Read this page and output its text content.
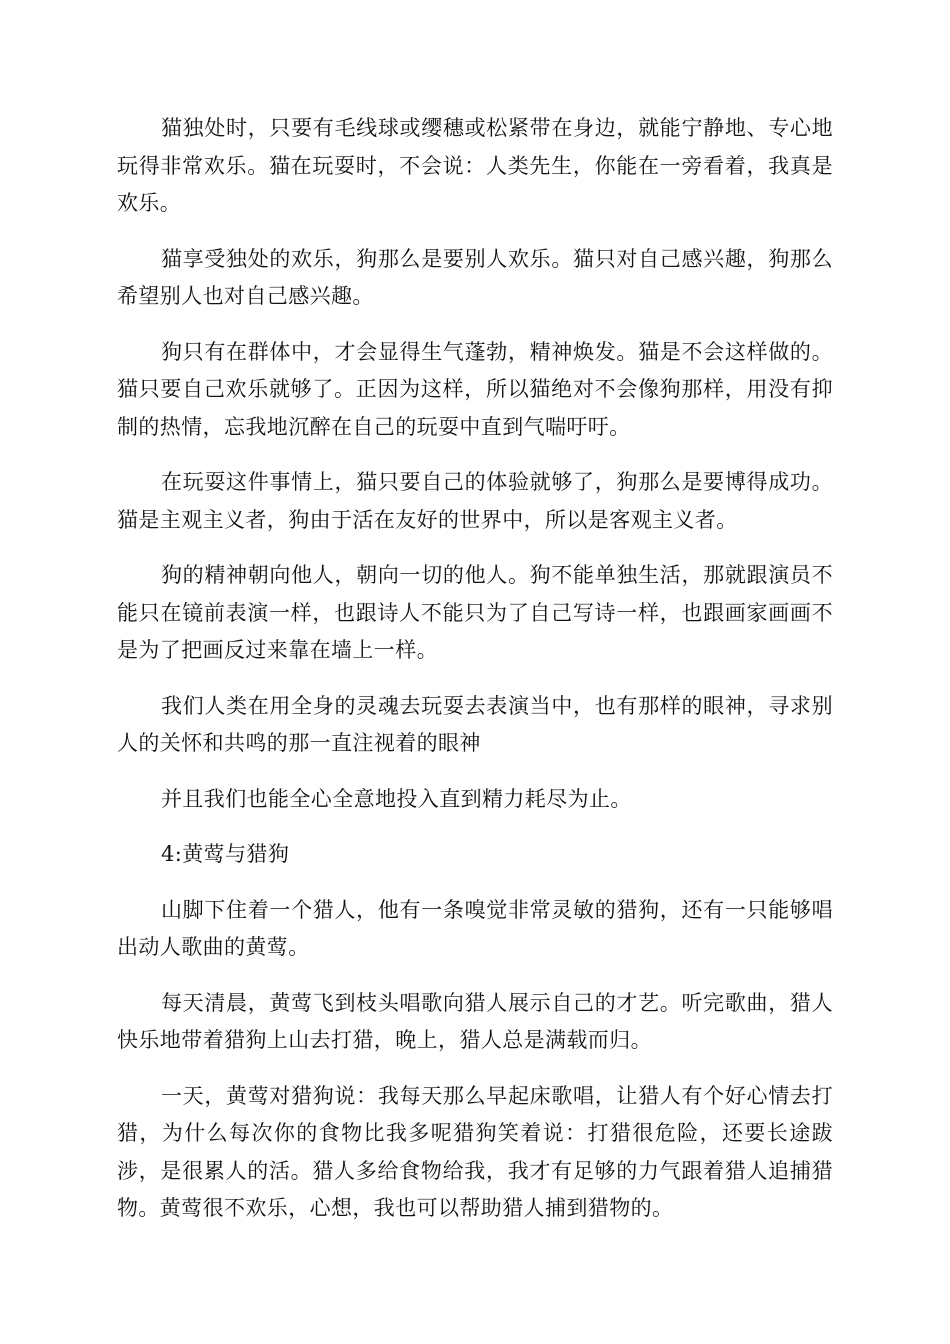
猫独处时，只要有毛线球或缨穗或松紧带在身边，就能宁静地、专心地玩得非常欢乐。猫在玩耍时，不会说：人类先生，你能在一旁看着，我真是欢乐。

猫享受独处的欢乐，狗那么是要别人欢乐。猫只对自己感兴趣，狗那么希望别人也对自己感兴趣。

狗只有在群体中，才会显得生气蓬勃，精神焕发。猫是不会这样做的。猫只要自己欢乐就够了。正因为这样，所以猫绝对不会像狗那样，用没有抑制的热情，忘我地沉醉在自己的玩耍中直到气喘吁吁。

在玩耍这件事情上，猫只要自己的体验就够了，狗那么是要博得成功。猫是主观主义者，狗由于活在友好的世界中，所以是客观主义者。

狗的精神朝向他人，朝向一切的他人。狗不能单独生活，那就跟演员不能只在镜前表演一样，也跟诗人不能只为了自己写诗一样，也跟画家画画不是为了把画反过来靠在墙上一样。

我们人类在用全身的灵魂去玩耍去表演当中，也有那样的眼神，寻求别人的关怀和共鸣的那一直注视着的眼神

并且我们也能全心全意地投入直到精力耗尽为止。

4:黄莺与猎狗

山脚下住着一个猎人，他有一条嗅觉非常灵敏的猎狗，还有一只能够唱出动人歌曲的黄莺。

每天清晨，黄莺飞到枝头唱歌向猎人展示自己的才艺。听完歌曲，猎人快乐地带着猎狗上山去打猎，晚上，猎人总是满载而归。

一天，黄莺对猎狗说：我每天那么早起床歌唱，让猎人有个好心情去打猎，为什么每次你的食物比我多呢猎狗笑着说：打猎很危险，还要长途跋涉，是很累人的活。猎人多给食物给我，我才有足够的力气跟着猎人追捕猎物。黄莺很不欢乐，心想，我也可以帮助猎人捕到猎物的。
